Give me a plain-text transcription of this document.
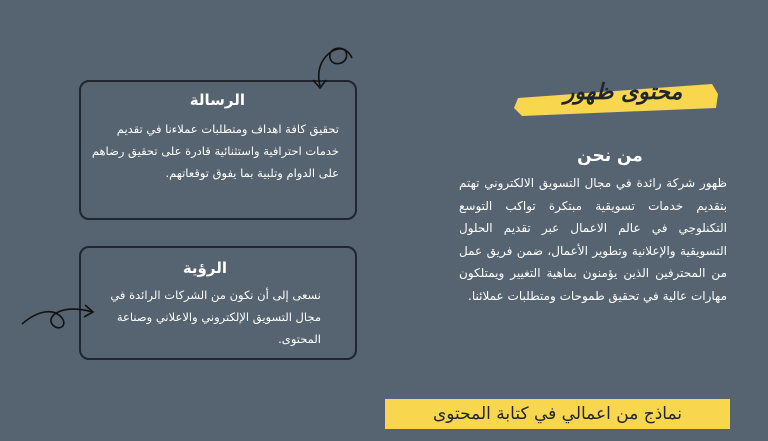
الرسالة
تحقيق كافة اهداف ومتطلبات عملاءنا في تقديم خدمات احترافية واستثنائية قادرة على تحقيق رضاهم على الدوام وتلبية بما يفوق توقعاتهم.
الرؤية
نسعى إلى أن نكون من الشركات الرائدة في مجال التسويق الإلكتروني والاعلاني وصناعة المحتوى.
محتوى ظهور
من نحن
ظهور شركة رائدة في مجال التسويق الالكتروني تهتم بتقديم خدمات تسويقية مبتكرة تواكب التوسع التكنلوجي في عالم الاعمال عبر تقديم الحلول التسويقية والإعلانية وتطوير الأعمال، ضمن فريق عمل من المحترفين الذين يؤمنون بماهية التغيير ويمتلكون مهارات عالية في تحقيق طموحات ومتطلبات عملائنا.
نماذج من اعمالي في كتابة المحتوى
